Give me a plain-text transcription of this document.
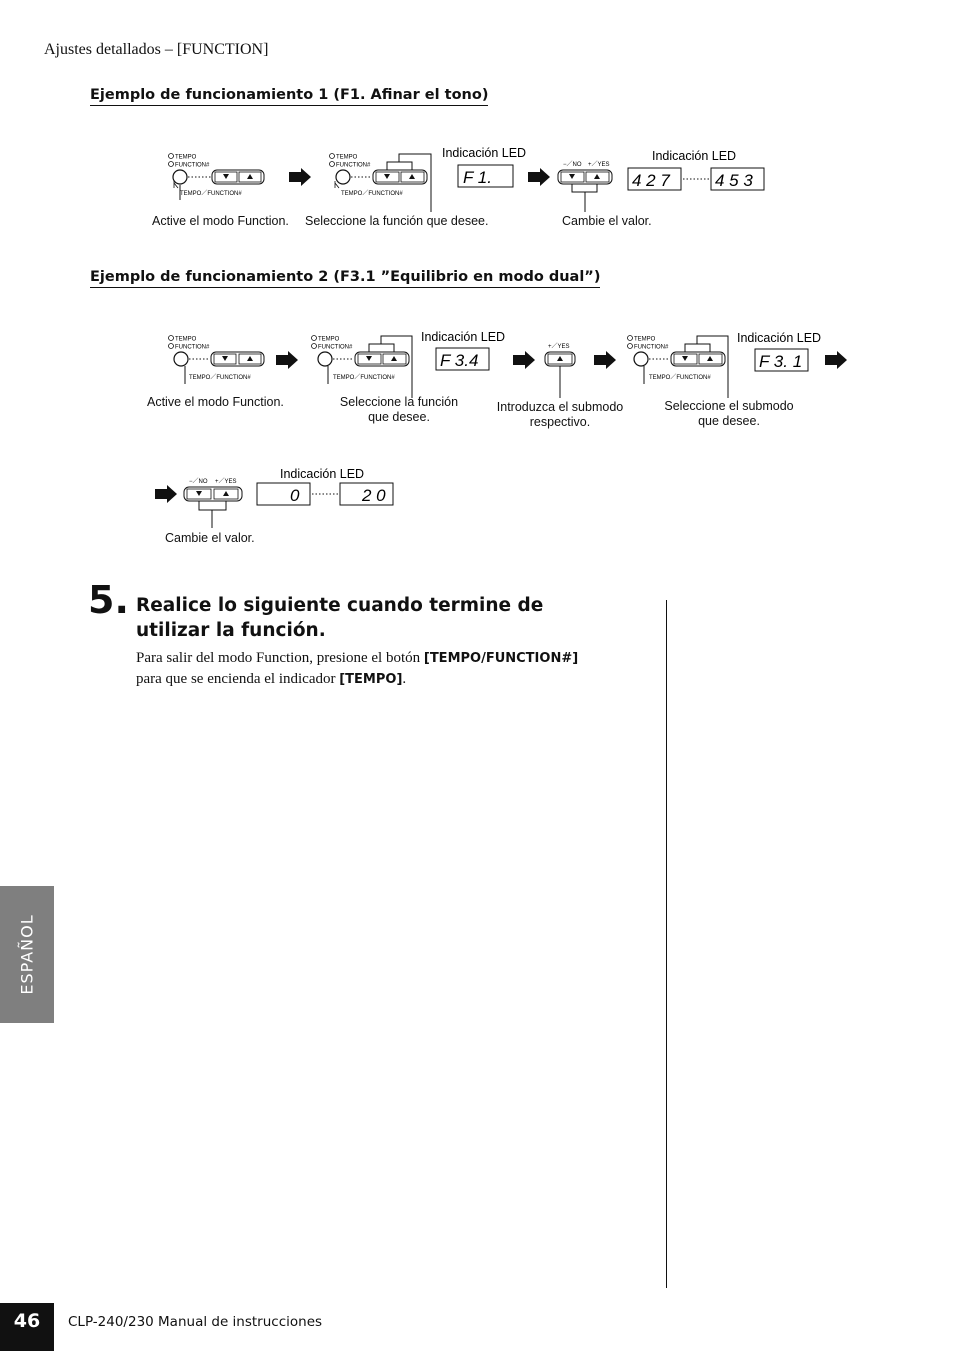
Ajustes detallados – [FUNCTION]
Ejemplo de funcionamiento 1 (F1. Afinar el tono)
TEMPO
FUNCTION#
TEMPO／FUNCTION#
TEMPO
FUNCTION#
TEMPO／FUNCTION#
Indicación LED
F 1.
−／NO +／YES
Indicación LED
4 2 7	4 5 3
Active el modo Function. Seleccione la función que desee.	Cambie el valor.
Ejemplo de funcionamiento 2 (F3.1 ”Equilibrio en modo dual”)
TEMPO
FUNCTION#
TEMPO／FUNCTION#
TEMPO
FUNCTION#
TEMPO／FUNCTION#
Indicación LED
F 3.4
+／YES
TEMPO
FUNCTION#
TEMPO／FUNCTION#
Indicación LED
F 3. 1
Active el modo Function.	Seleccione la función
que desee.
Introduzca el submodo
respectivo.
Seleccione el submodo
que desee.
−／NO +／YES
Indicación LED
0	2 0
Cambie el valor.
5. Realice lo siguiente cuando termine de utilizar la función.
Para salir del modo Function, presione el botón [TEMPO/FUNCTION#] para que se encienda el indicador [TEMPO].
ESPAÑOL
46	CLP-240/230 Manual de instrucciones
